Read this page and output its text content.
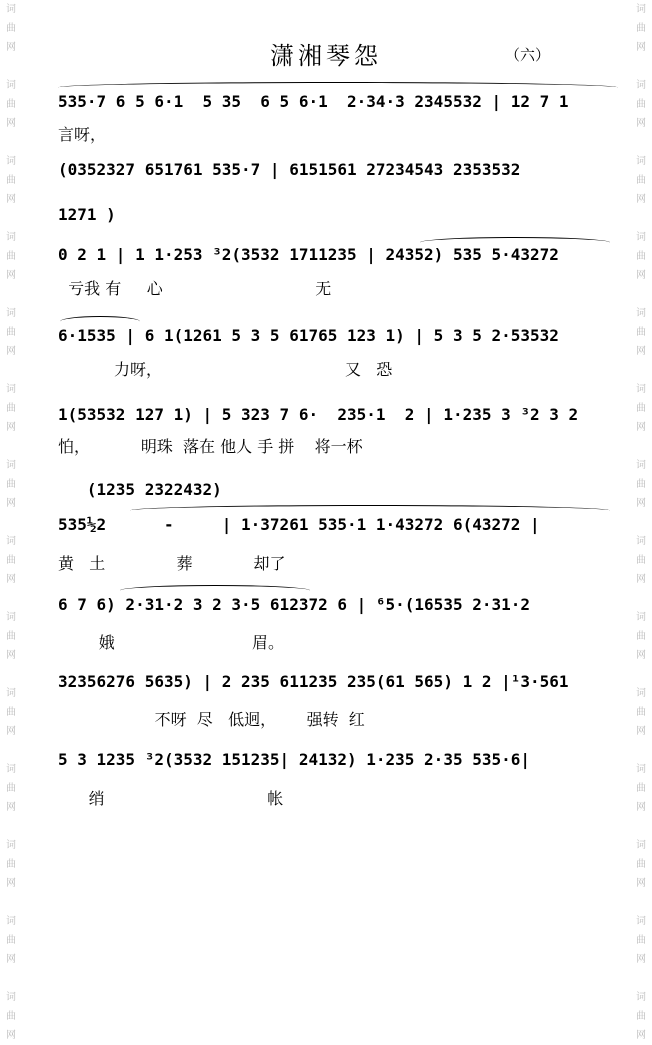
词
曲
网

词
曲
网

词
曲
网

词
曲
网

词
曲
网

词
曲
网

词
曲
网

词
曲
网

词
曲
网

词
曲
网

词
曲
网

词
曲
网

词
曲
网

词
曲
网

词
曲
网

词
曲
网

词
曲
网

词
曲
网

词
曲
网

词
曲
网

词
曲
网

词
曲
网

词
曲
网

词
曲
网

词
曲
网

词
曲
网

词
曲
网

词
曲
网

潇湘琴怨	（六）
535·7 6 5 6·1  5 35  6 5 6·1  2·34·3 2345532 | 12 7 1
言呀，
(0352327 651761 535·7 | 6151561 27234543 2353532
1271 )
0 2 1 | 1 1·253 ³2(3532 1711235 | 24352) 535 5·43272
亏我 有     心                              无
6·1535 | 6 1(1261 5 3 5 61765 123 1) | 5 3 5 2·53532
力呀，                                    又   恐
1(53532 127 1) | 5 323 7 6·  235·1  2 | 1·235 3 ³2 3 2
怕，          明珠  落在 他人 手 拼    将一杯
(1235 2322432)
535½2      -     | 1·37261 535·1 1·43272 6(43272 |
黄   土              葬            却了
6 7 6) 2·31·2 3 2 3·5 612372 6 | ⁶5·(16535 2·31·2
娥                           眉。
32356276 5635) | 2 235 611235 235(61 565) 1 2 |¹3·561
不呀  尽   低迥，      强转  红
5 3 1235 ³2(3532 151235| 24132) 1·235 2·35 535·6|
绡                                帐
